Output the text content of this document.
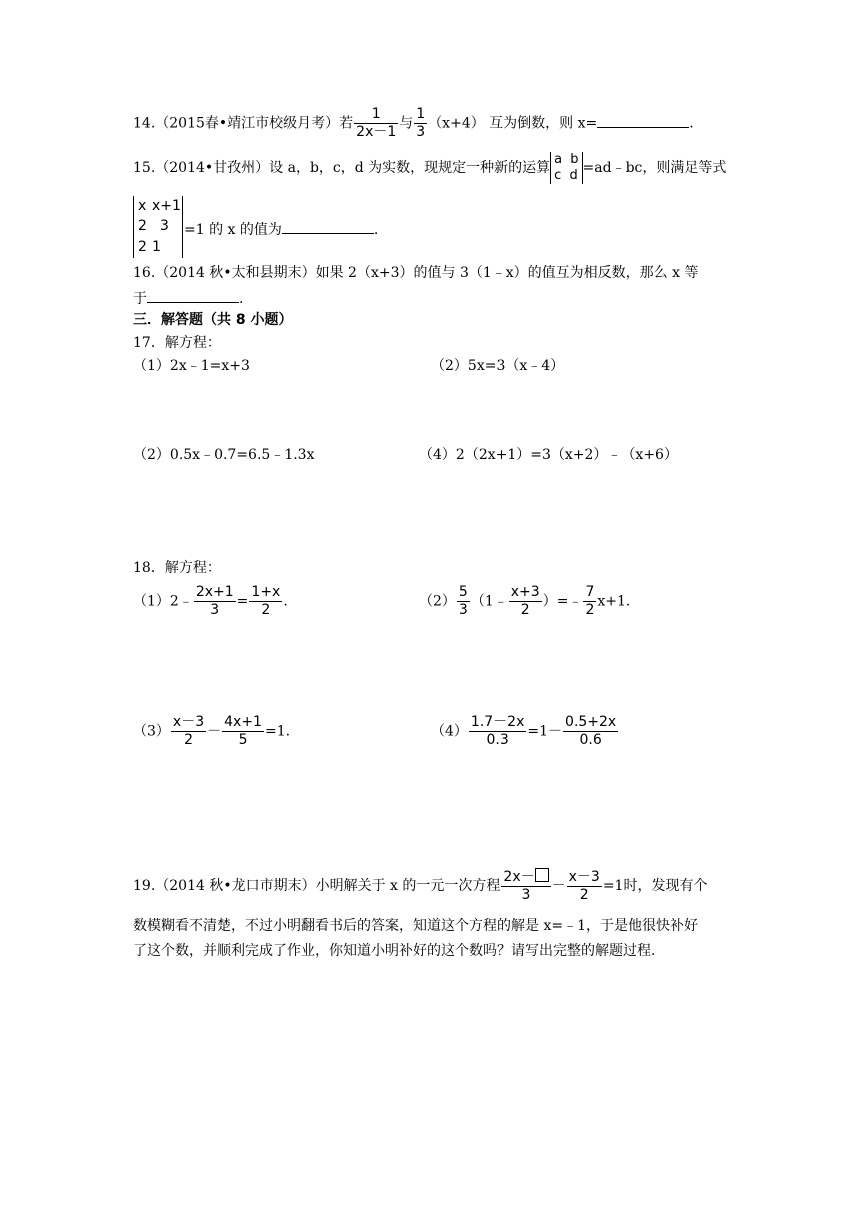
14.（2015春•靖江市校级月考）若 $\frac{1}{2x-1}$ 与 $\frac{1}{3} (x+4)$ 互为倒数，则 x=	.
15.（2014•甘孜州）设 a，b，c，d 为实数，现规定一种新的运算
a b
c d =ad﹣bc，则满足等式
x x+1
2 3
2 1
=1 的 x 的值为	.
16.（2014 秋•太和县期末）如果 2（x+3）的值与 3（1﹣x）的值互为相反数，那么 x 等
于	.
三．解答题（共 8 小题）
17．解方程：
（1）2x﹣1=x+3	（2）5x=3（x﹣4）
（2）0.5x﹣0.7=6.5﹣1.3x	（4）2（2x+1）=3（x+2）﹣（x+6）
18．解方程：
（1）2﹣ $\frac{2x+1}{3} = \frac{1+x}{2}$ .	$(2) \frac{5}{3}$ （1﹣ $\frac{x+3}{2}$ ）=﹣ $\frac{7}{2} x+1$.
$(3) \frac{x-3}{2} - \frac{4x+1}{5} =1$.	$(4) \frac{1.7-2x}{0.3} =1- \frac{0.5+2x}{0.6}$
19.（2014 秋•龙口市期末）小明解关于 x 的一元一次方程 $\frac{2x-}{3} - \frac{x-3}{2} =1$时，发现有个
数模糊看不清楚，不过小明翻看书后的答案，知道这个方程的解是 x=﹣1，于是他很快补好
了这个数，并顺利完成了作业，你知道小明补好的这个数吗？请写出完整的解题过程.
